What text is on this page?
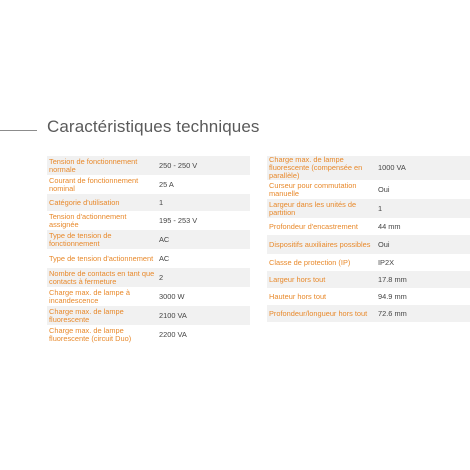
Caractéristiques techniques
Tension de fonctionnement normale	250 - 250 V
Courant de fonctionnement nominal	25 A
Catégorie d'utilisation	1
Tension d'actionnement assignée	195 - 253 V
Type de tension de fonctionnement	AC
Type de tension d'actionnement	AC
Nombre de contacts en tant que contacts à fermeture	2
Charge max. de lampe à incandescence	3000 W
Charge max. de lampe fluorescente	2100 VA
Charge max. de lampe fluorescente (circuit Duo)	2200 VA
Charge max. de lampe fluorescente (compensée en parallèle)	1000 VA
Curseur pour commutation manuelle	Oui
Largeur dans les unités de partition	1
Profondeur d'encastrement	44 mm
Dispositifs auxiliaires possibles	Oui
Classe de protection (IP)	IP2X
Largeur hors tout	17.8 mm
Hauteur hors tout	94.9 mm
Profondeur/longueur hors tout	72.6 mm
